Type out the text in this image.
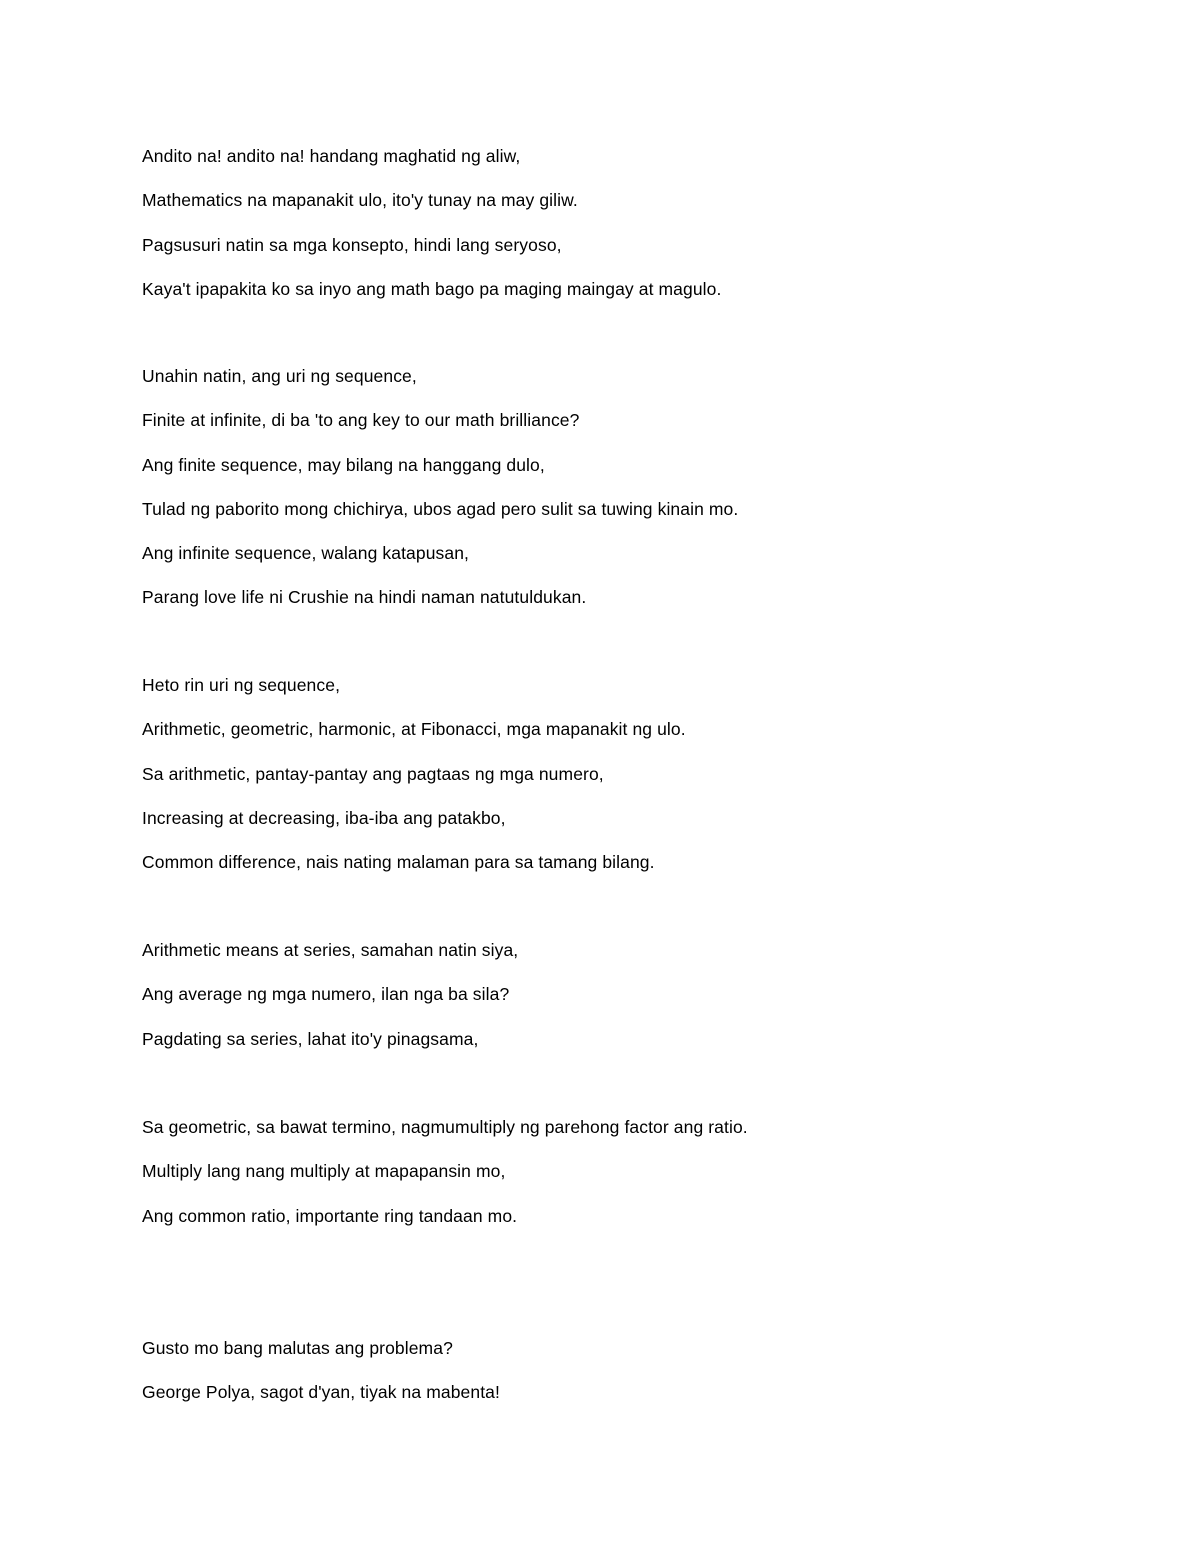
Andito na! andito na! handang maghatid ng aliw,
Mathematics na mapanakit ulo, ito'y tunay na may giliw.
Pagsusuri natin sa mga konsepto, hindi lang seryoso,
Kaya't ipapakita ko sa inyo ang math bago pa maging maingay at magulo.
Unahin natin, ang uri ng sequence,
Finite at infinite, di ba 'to ang key to our math brilliance?
Ang finite sequence, may bilang na hanggang dulo,
Tulad ng paborito mong chichirya, ubos agad pero sulit sa tuwing kinain mo.
Ang infinite sequence, walang katapusan,
Parang love life ni Crushie na hindi naman natutuldukan.
Heto rin uri ng sequence,
Arithmetic, geometric, harmonic, at Fibonacci, mga mapanakit ng ulo.
Sa arithmetic, pantay-pantay ang pagtaas ng mga numero,
Increasing at decreasing, iba-iba ang patakbo,
Common difference, nais nating malaman para sa tamang bilang.
Arithmetic means at series, samahan natin siya,
Ang average ng mga numero, ilan nga ba sila?
Pagdating sa series, lahat ito'y pinagsama,
Sa geometric, sa bawat termino, nagmumultiply ng parehong factor ang ratio.
Multiply lang nang multiply at mapapansin mo,
Ang common ratio, importante ring tandaan mo.
Gusto mo bang malutas ang problema?
George Polya, sagot d'yan, tiyak na mabenta!
